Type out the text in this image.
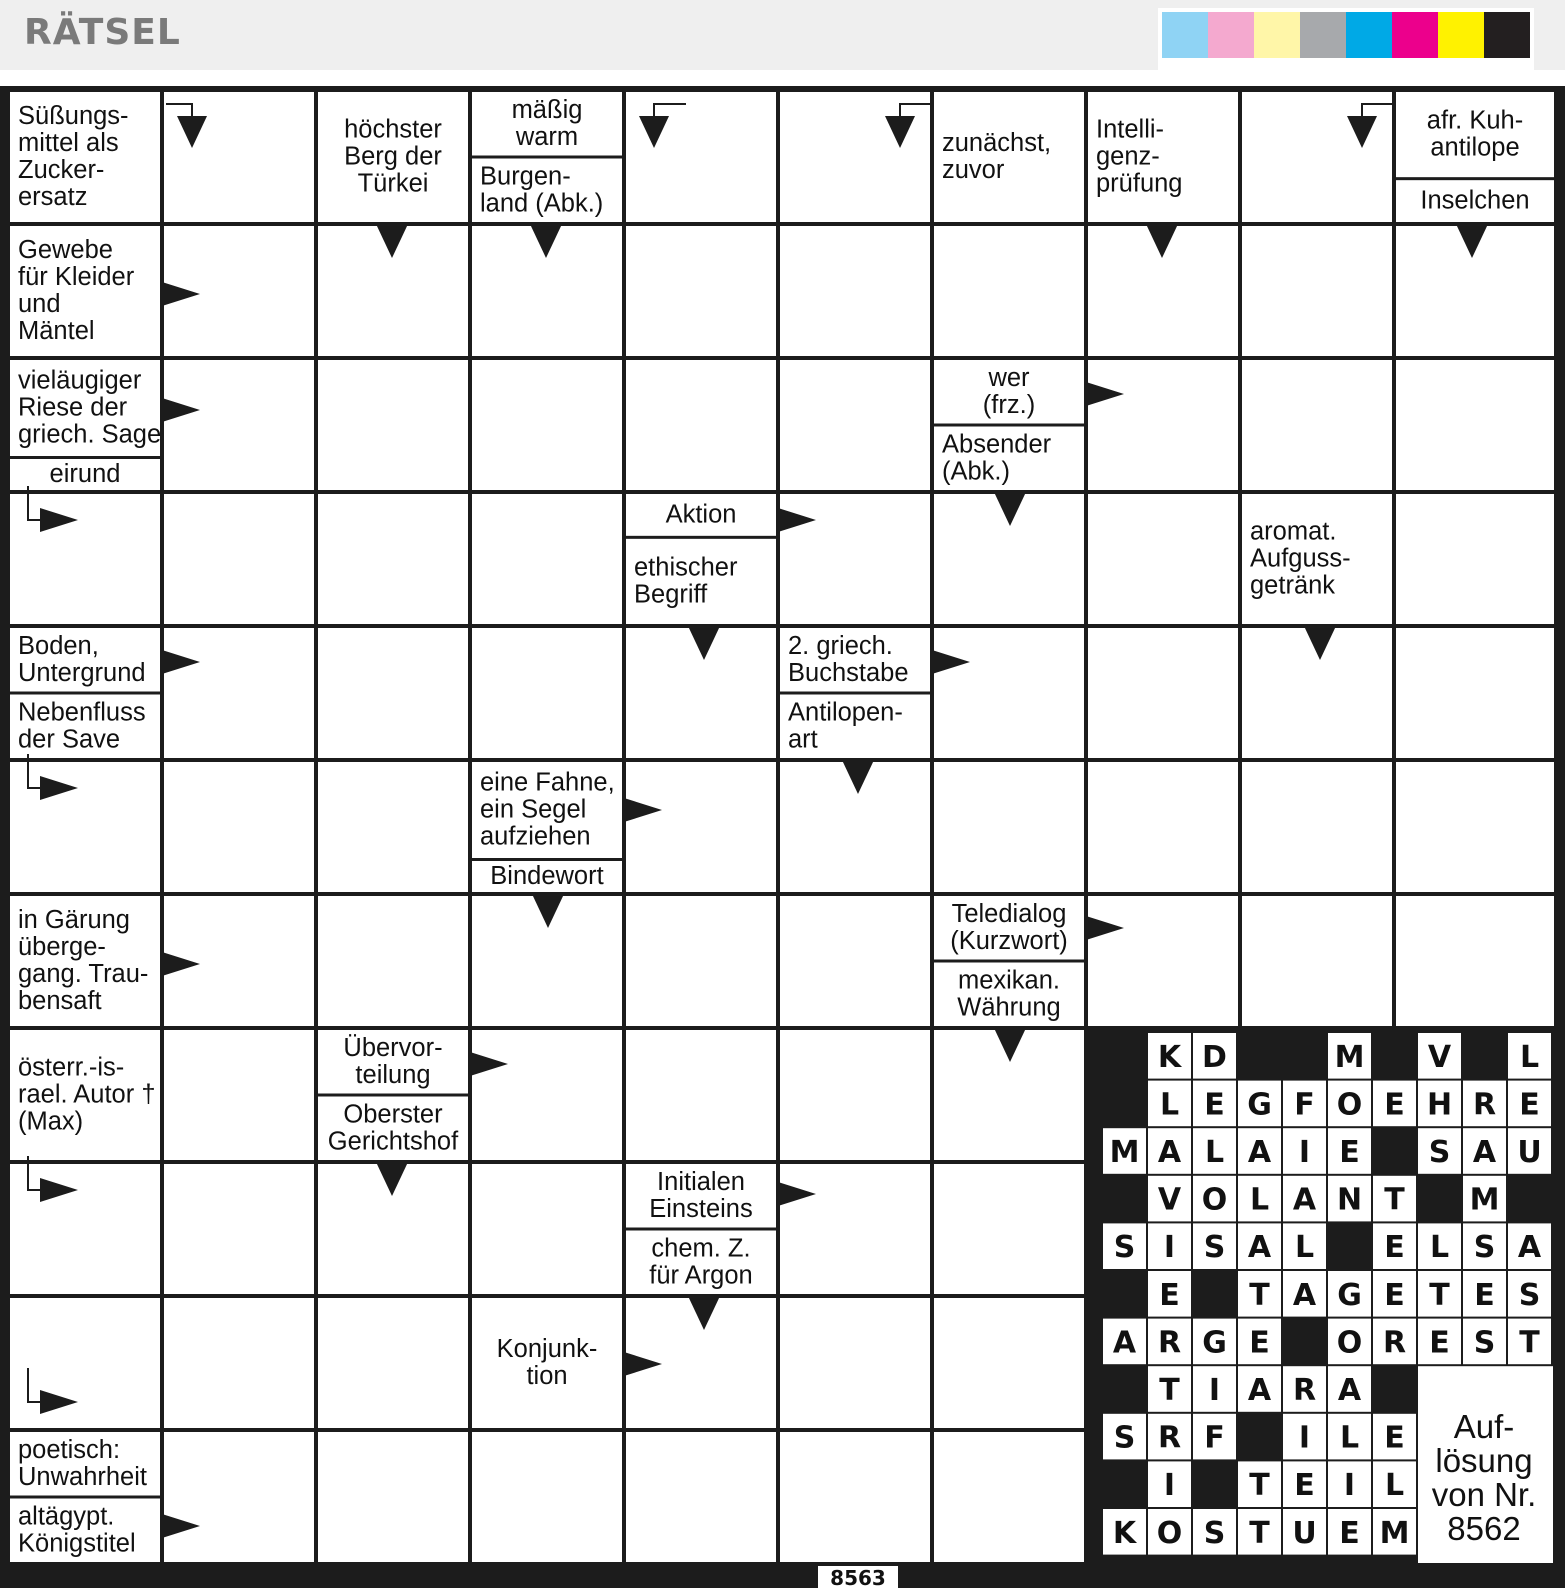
RÄTSEL
Süßungs-
mittel als
Zucker-
ersatz
höchster
Berg der
Türkei
mäßig
warm
Burgen-
land (Abk.)
zunächst,
zuvor
Intelli-
genz-
prüfung
afr. Kuh-
antilope
Inselchen
Gewebe
für Kleider
und
Mäntel
vieläugiger
Riese der
griech. Sage
eirund
wer
(frz.)
Absender
(Abk.)
Aktion
ethischer
Begriff
aromat.
Aufguss-
getränk
Boden,
Untergrund
Nebenfluss
der Save
2. griech.
Buchstabe
Antilopen-
art
eine Fahne,
ein Segel
aufziehen
Bindewort
in Gärung
überge-
gang. Trau-
bensaft
Teledialog
(Kurzwort)
mexikan.
Währung
österr.-is-
rael. Autor †
(Max)
Übervor-
teilung
Oberster
Gerichtshof
Initialen
Einsteins
chem. Z.
für Argon
Konjunk-
tion
poetisch:
Unwahrheit
altägypt.
Königstitel
K D	M V L
L E G F O E H R E
M A L A I E S A U
V O L A N T M
S I S A L E L S A
E T A G E T E S
A R G E O R E S T
T I A R A
S R F I L E
I T E I L
K O S T U E M
Auf-
lösung
von Nr.
8562
8563
